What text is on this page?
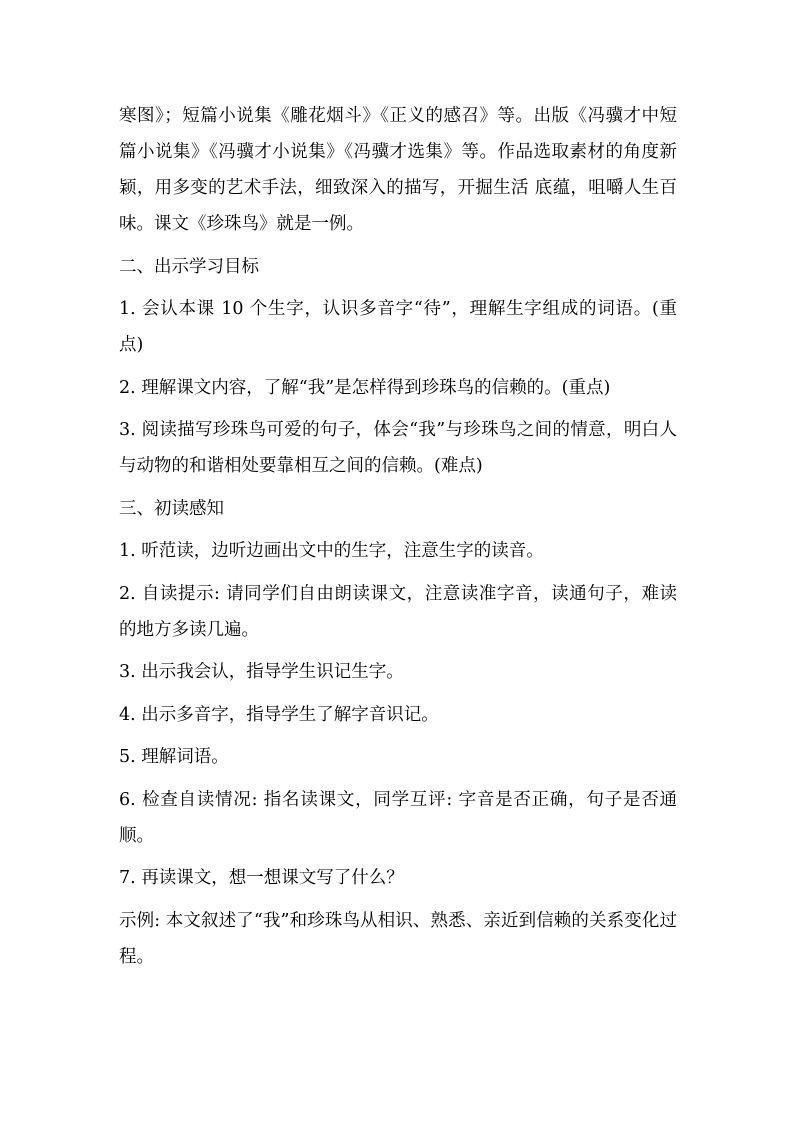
寒图》；短篇小说集《雕花烟斗》《正义的感召》等。出版《冯骥才中短篇小说集》《冯骥才小说集》《冯骥才选集》等。作品选取素材的角度新颖，用多变的艺术手法，细致深入的描写，开掘生活 底蕴，咀嚼人生百味。课文《珍珠鸟》就是一例。

二、出示学习目标

1. 会认本课 10 个生字，认识多音字“待”，理解生字组成的词语。(重点)

2. 理解课文内容，了解“我”是怎样得到珍珠鸟的信赖的。(重点)

3. 阅读描写珍珠鸟可爱的句子，体会“我”与珍珠鸟之间的情意，明白人与动物的和谐相处要靠相互之间的信赖。(难点)

三、初读感知

1. 听范读，边听边画出文中的生字，注意生字的读音。

2. 自读提示: 请同学们自由朗读课文，注意读准字音，读通句子，难读的地方多读几遍。

3. 出示我会认，指导学生识记生字。

4. 出示多音字，指导学生了解字音识记。

5. 理解词语。

6. 检查自读情况: 指名读课文，同学互评: 字音是否正确，句子是否通顺。

7. 再读课文，想一想课文写了什么？

示例: 本文叙述了“我”和珍珠鸟从相识、熟悉、亲近到信赖的关系变化过程。
